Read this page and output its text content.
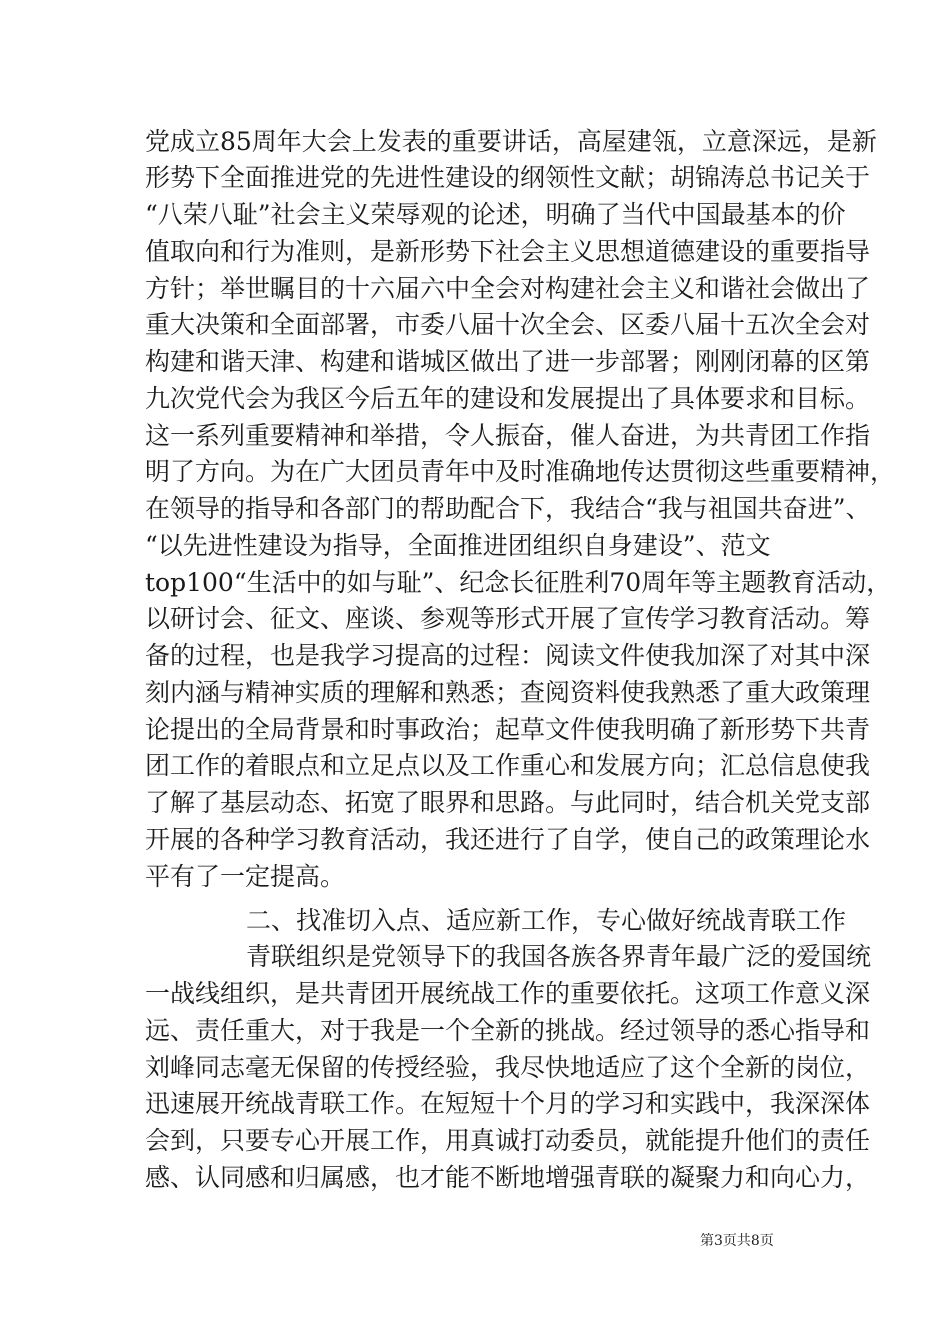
党成立85周年大会上发表的重要讲话，高屋建瓴，立意深远，是新
形势下全面推进党的先进性建设的纲领性文献；胡锦涛总书记关于
“八荣八耻”社会主义荣辱观的论述，明确了当代中国最基本的价
值取向和行为准则，是新形势下社会主义思想道德建设的重要指导
方针；举世瞩目的十六届六中全会对构建社会主义和谐社会做出了
重大决策和全面部署，市委八届十次全会、区委八届十五次全会对
构建和谐天津、构建和谐城区做出了进一步部署；刚刚闭幕的区第
九次党代会为我区今后五年的建设和发展提出了具体要求和目标。
这一系列重要精神和举措，令人振奋，催人奋进，为共青团工作指
明了方向。为在广大团员青年中及时准确地传达贯彻这些重要精神，
在领导的指导和各部门的帮助配合下，我结合“我与祖国共奋进”、
“以先进性建设为指导，全面推进团组织自身建设”、范文
top100“生活中的如与耻”、纪念长征胜利70周年等主题教育活动，
以研讨会、征文、座谈、参观等形式开展了宣传学习教育活动。筹
备的过程，也是我学习提高的过程：阅读文件使我加深了对其中深
刻内涵与精神实质的理解和熟悉；查阅资料使我熟悉了重大政策理
论提出的全局背景和时事政治；起草文件使我明确了新形势下共青
团工作的着眼点和立足点以及工作重心和发展方向；汇总信息使我
了解了基层动态、拓宽了眼界和思路。与此同时，结合机关党支部
开展的各种学习教育活动，我还进行了自学，使自己的政策理论水
平有了一定提高。
二、找准切入点、适应新工作，专心做好统战青联工作
青联组织是党领导下的我国各族各界青年最广泛的爱国统
一战线组织，是共青团开展统战工作的重要依托。这项工作意义深
远、责任重大，对于我是一个全新的挑战。经过领导的悉心指导和
刘峰同志毫无保留的传授经验，我尽快地适应了这个全新的岗位，
迅速展开统战青联工作。在短短十个月的学习和实践中，我深深体
会到，只要专心开展工作，用真诚打动委员，就能提升他们的责任
感、认同感和归属感，也才能不断地增强青联的凝聚力和向心力，
第3页共8页
